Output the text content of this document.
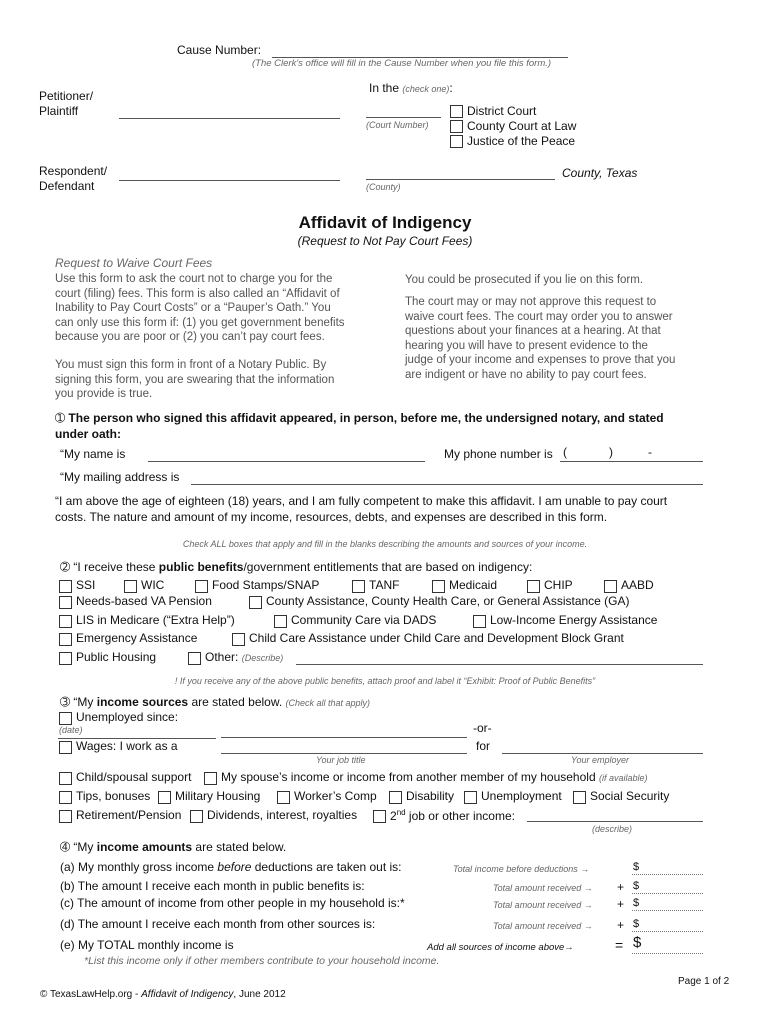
Cause Number:
(The Clerk's office will fill in the Cause Number when you file this form.)
Petitioner/
Plaintiff
In the (check one):
(Court Number)
District Court
County Court at Law
Justice of the Peace
Respondent/
Defendant
County, Texas
(County)
Affidavit of Indigency
(Request to Not Pay Court Fees)
Request to Waive Court Fees
Use this form to ask the court not to charge you for the
court (filing) fees. This form is also called an “Affidavit of
Inability to Pay Court Costs” or a “Pauper’s Oath.” You
can only use this form if: (1) you get government benefits
because you are poor or (2) you can’t pay court fees.
You must sign this form in front of a Notary Public. By
signing this form, you are swearing that the information
you provide is true.
You could be prosecuted if you lie on this form.
The court may or may not approve this request to
waive court fees. The court may order you to answer
questions about your finances at a hearing. At that
hearing you will have to present evidence to the
judge of your income and expenses to prove that you
are indigent or have no ability to pay court fees.
➀ The person who signed this affidavit appeared, in person, before me, the undersigned notary, and stated
under oath:
“My name is	My phone number is (	)	-
“My mailing address is
“I am above the age of eighteen (18) years, and I am fully competent to make this affidavit. I am unable to pay court
costs. The nature and amount of my income, resources, debts, and expenses are described in this form.
Check ALL boxes that apply and fill in the blanks describing the amounts and sources of your income.
➁ “I receive these public benefits/government entitlements that are based on indigency:
SSI	WIC	Food Stamps/SNAP	TANF	Medicaid	CHIP	AABD
Needs-based VA Pension	County Assistance, County Health Care, or General Assistance (GA)
LIS in Medicare (“Extra Help”)	Community Care via DADS	Low-Income Energy Assistance
Emergency Assistance	Child Care Assistance under Child Care and Development Block Grant
Public Housing	Other: (Describe)
! If you receive any of the above public benefits, attach proof and label it “Exhibit: Proof of Public Benefits”
➂ “My income sources are stated below. (Check all that apply)
Unemployed since:
(date)	-or-
Wages: I work as a	for
Your job title	Your employer
Child/spousal support My spouse’s income or income from another member of my household (if available)
Tips, bonuses Military Housing	Worker’s Comp Disability Unemployment Social Security
Retirement/Pension Dividends, interest, royalties	2nd job or other income:
(describe)
➃ “My income amounts are stated below.
(a) My monthly gross income before deductions are taken out is:	Total income before deductions →	$
(b) The amount I receive each month in public benefits is:	Total amount received → + $
(c) The amount of income from other people in my household is:*	Total amount received → + $
(d) The amount I receive each month from other sources is:	Total amount received → + $
(e) My TOTAL monthly income is	Add all sources of income above→	= $
*List this income only if other members contribute to your household income.
Page 1 of 2
© TexasLawHelp.org - Affidavit of Indigency, June 2012
